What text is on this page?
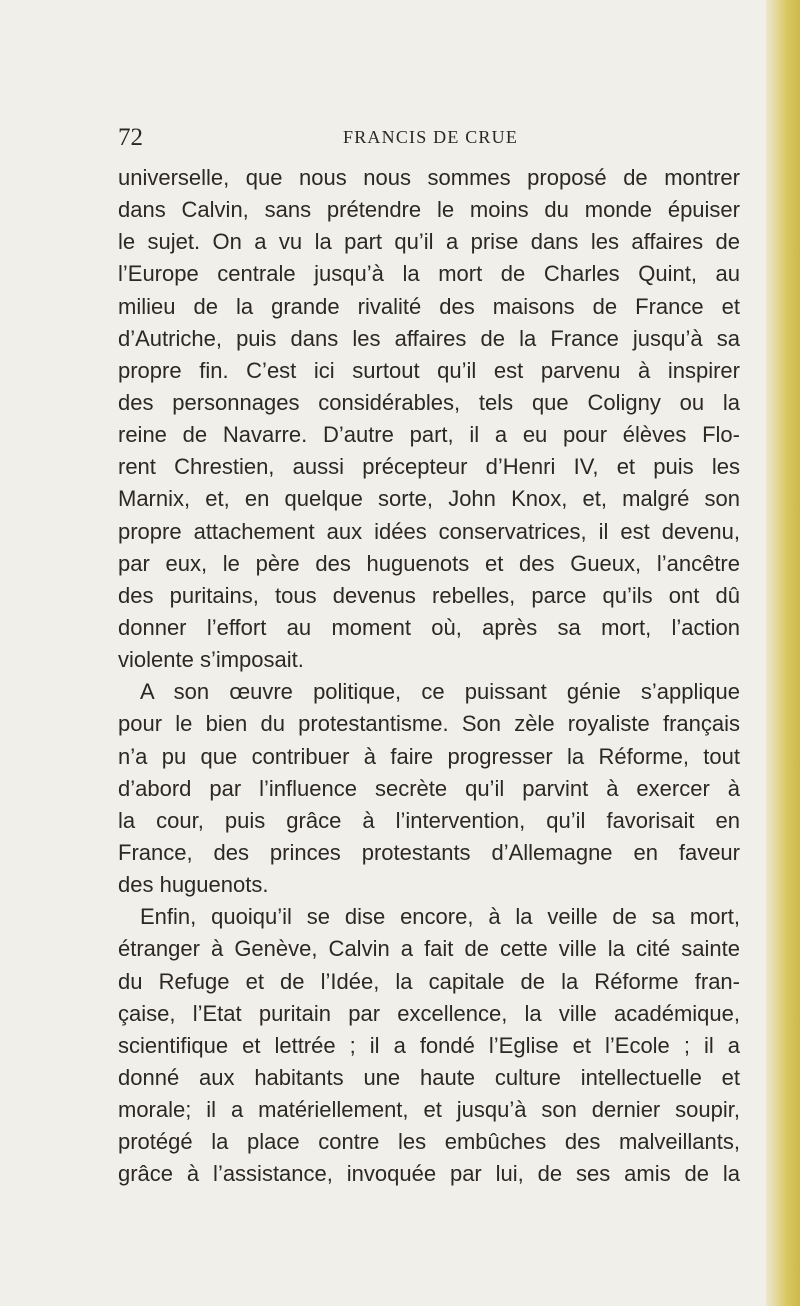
72	FRANCIS DE CRUE
universelle, que nous nous sommes proposé de montrer
dans Calvin, sans prétendre le moins du monde épuiser
le sujet. On a vu la part qu’il a prise dans les affaires de
l’Europe centrale jusqu’à la mort de Charles Quint, au
milieu de la grande rivalité des maisons de France et
d’Autriche, puis dans les affaires de la France jusqu’à sa
propre fin. C’est ici surtout qu’il est parvenu à inspirer
des personnages considérables, tels que Coligny ou la
reine de Navarre. D’autre part, il a eu pour élèves Flo-
rent Chrestien, aussi précepteur d’Henri IV, et puis les
Marnix, et, en quelque sorte, John Knox, et, malgré son
propre attachement aux idées conservatrices, il est devenu,
par eux, le père des huguenots et des Gueux, l’ancêtre
des puritains, tous devenus rebelles, parce qu’ils ont dû
donner l’effort au moment où, après sa mort, l’action
violente s’imposait.
A son œuvre politique, ce puissant génie s’applique
pour le bien du protestantisme. Son zèle royaliste français
n’a pu que contribuer à faire progresser la Réforme, tout
d’abord par l’influence secrète qu’il parvint à exercer à
la cour, puis grâce à l’intervention, qu’il favorisait en
France, des princes protestants d’Allemagne en faveur
des huguenots.
Enfin, quoiqu’il se dise encore, à la veille de sa mort,
étranger à Genève, Calvin a fait de cette ville la cité sainte
du Refuge et de l’Idée, la capitale de la Réforme fran-
çaise, l’Etat puritain par excellence, la ville académique,
scientifique et lettrée ; il a fondé l’Eglise et l’Ecole ; il a
donné aux habitants une haute culture intellectuelle et
morale; il a matériellement, et jusqu’à son dernier soupir,
protégé la place contre les embûches des malveillants,
grâce à l’assistance, invoquée par lui, de ses amis de la
